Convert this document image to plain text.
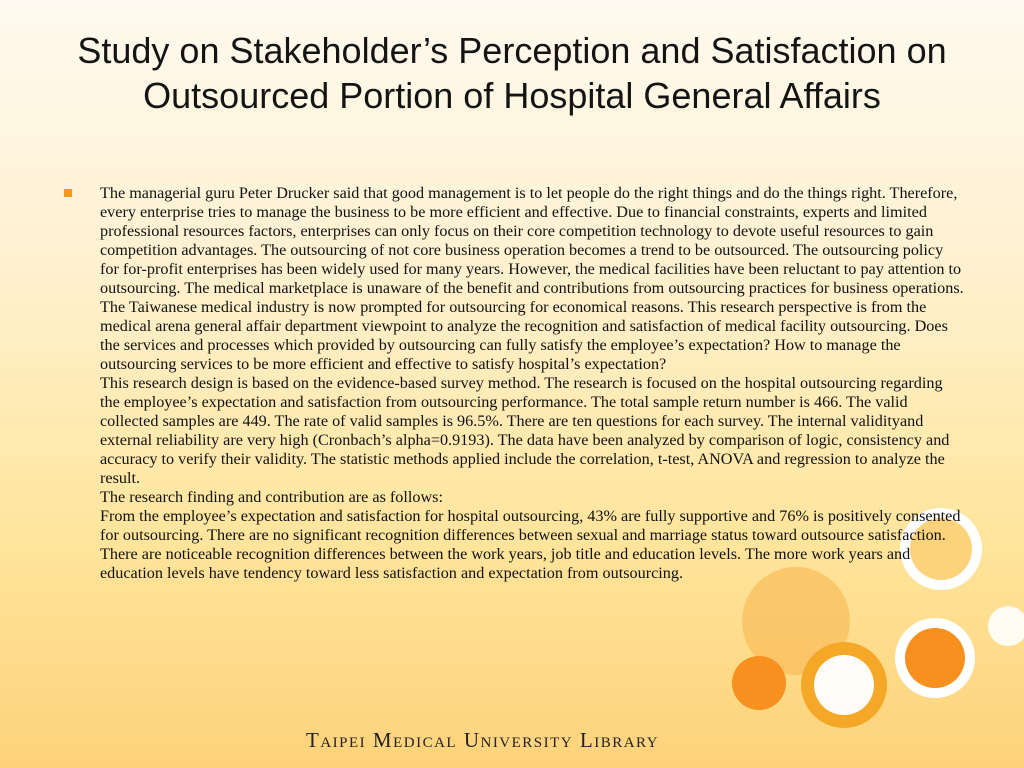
Study on Stakeholder’s Perception and Satisfaction on Outsourced Portion of Hospital General Affairs

The managerial guru Peter Drucker said that good management is to let people do the right things and do the things right. Therefore, every enterprise tries to manage the business to be more efficient and effective. Due to financial constraints, experts and limited professional resources factors, enterprises can only focus on their core competition technology to devote useful resources to gain competition advantages. The outsourcing of not core business operation becomes a trend to be outsourced. The outsourcing policy for for-profit enterprises has been widely used for many years. However, the medical facilities have been reluctant to pay attention to outsourcing. The medical marketplace is unaware of the benefit and contributions from outsourcing practices for business operations. The Taiwanese medical industry is now prompted for outsourcing for economical reasons. This research perspective is from the medical arena general affair department viewpoint to analyze the recognition and satisfaction of medical facility outsourcing. Does the services and processes which provided by outsourcing can fully satisfy the employee’s expectation? How to manage the outsourcing services to be more efficient and effective to satisfy hospital’s expectation?

This research design is based on the evidence-based survey method. The research is focused on the hospital outsourcing regarding the employee’s expectation and satisfaction from outsourcing performance. The total sample return number is 466. The valid collected samples are 449. The rate of valid samples is 96.5%. There are ten questions for each survey. The internal validityand external reliability are very high (Cronbach’s alpha=0.9193). The data have been analyzed by comparison of logic, consistency and accuracy to verify their validity. The statistic methods applied include the correlation, t-test, ANOVA and regression to analyze the result.

The research finding and contribution are as follows:

From the employee’s expectation and satisfaction for hospital outsourcing, 43% are fully supportive and 76% is positively consented for outsourcing. There are no significant recognition differences between sexual and marriage status toward outsource satisfaction. There are noticeable recognition differences between the work years, job title and education levels. The more work years and education levels have tendency toward less satisfaction and expectation from outsourcing.

Taipei Medical University Library
